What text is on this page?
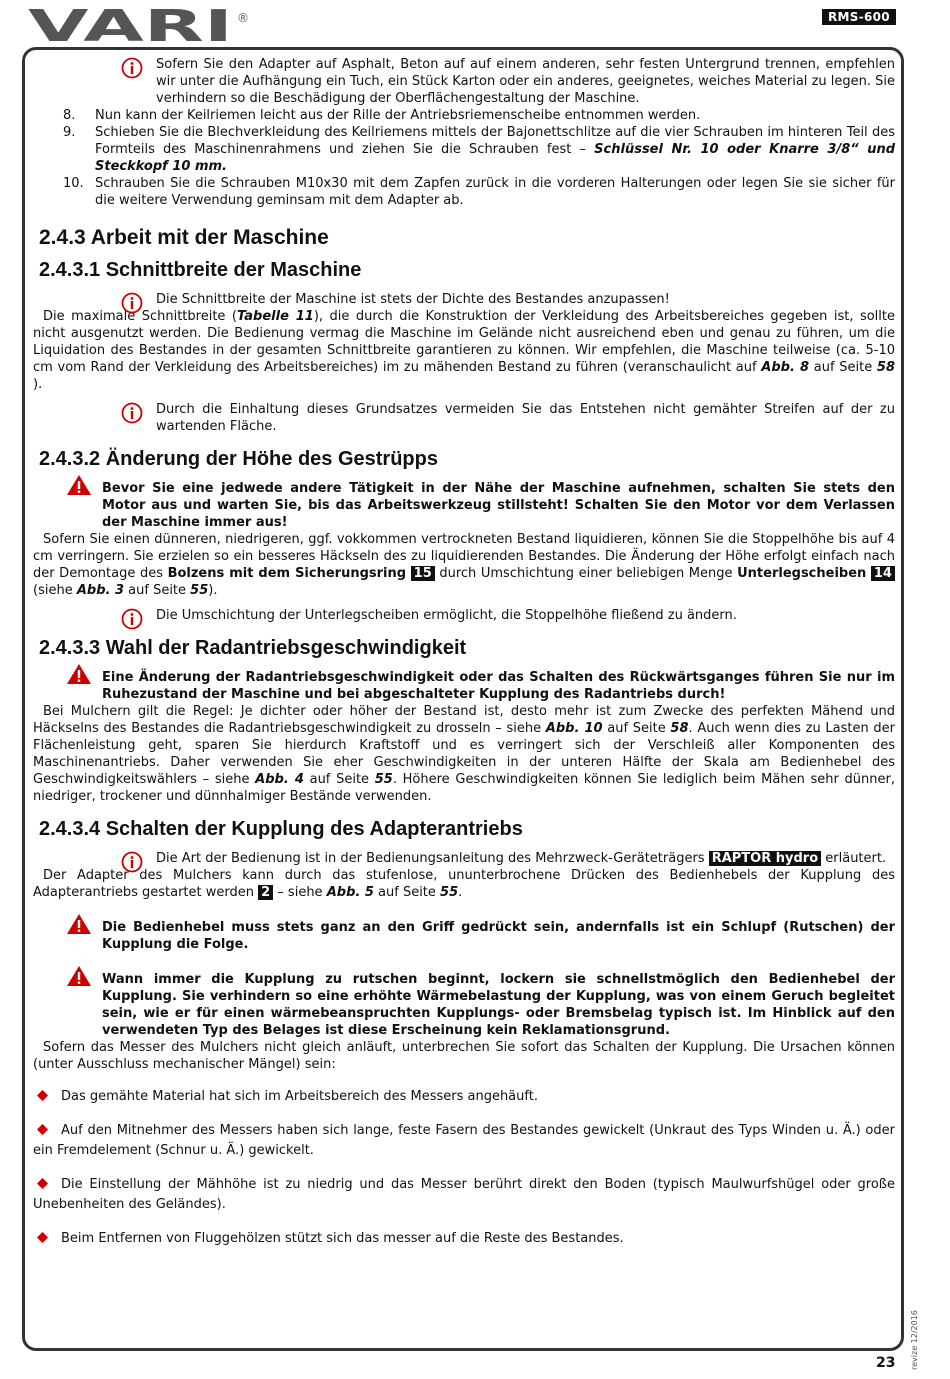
VARI ®	RMS-600

Sofern Sie den Adapter auf Asphalt, Beton auf auf einem anderen, sehr festen Untergrund trennen, empfehlen wir unter die Aufhängung ein Tuch, ein Stück Karton oder ein anderes, geeignetes, weiches Material zu legen. Sie verhindern so die Beschädigung der Oberflächengestaltung der Maschine.

8. Nun kann der Keilriemen leicht aus der Rille der Antriebsriemenscheibe entnommen werden.

9. Schieben Sie die Blechverkleidung des Keilriemens mittels der Bajonettschlitze auf die vier Schrauben im hinteren Teil des Formteils des Maschinenrahmens und ziehen Sie die Schrauben fest – Schlüssel Nr. 10 oder Knarre 3/8“ und Steckkopf 10 mm.

10. Schrauben Sie die Schrauben M10x30 mit dem Zapfen zurück in die vorderen Halterungen oder legen Sie sie sicher für die weitere Verwendung geminsam mit dem Adapter ab.

2.4.3 Arbeit mit der Maschine
2.4.3.1 Schnittbreite der Maschine

Die Schnittbreite der Maschine ist stets der Dichte des Bestandes anzupassen!

Die maximale Schnittbreite (Tabelle 11), die durch die Konstruktion der Verkleidung des Arbeitsbereiches gegeben ist, sollte nicht ausgenutzt werden. Die Bedienung vermag die Maschine im Gelände nicht ausreichend eben und genau zu führen, um die Liquidation des Bestandes in der gesamten Schnittbreite garantieren zu können. Wir empfehlen, die Maschine teilweise (ca. 5-10 cm vom Rand der Verkleidung des Arbeitsbereiches) im zu mähenden Bestand zu führen (veranschaulicht auf Abb. 8 auf Seite 58 ).

Durch die Einhaltung dieses Grundsatzes vermeiden Sie das Entstehen nicht gemähter Streifen auf der zu wartenden Fläche.

2.4.3.2 Änderung der Höhe des Gestrüpps

Bevor Sie eine jedwede andere Tätigkeit in der Nähe der Maschine aufnehmen, schalten Sie stets den Motor aus und warten Sie, bis das Arbeitswerkzeug stillsteht! Schalten Sie den Motor vor dem Verlassen der Maschine immer aus!

Sofern Sie einen dünneren, niedrigeren, ggf. vokkommen vertrockneten Bestand liquidieren, können Sie die Stoppelhöhe bis auf 4 cm verringern. Sie erzielen so ein besseres Häckseln des zu liquidierenden Bestandes. Die Änderung der Höhe erfolgt einfach nach der Demontage des Bolzens mit dem Sicherungsring 15 durch Umschichtung einer beliebigen Menge Unterlegscheiben 14 (siehe Abb. 3 auf Seite 55).

Die Umschichtung der Unterlegscheiben ermöglicht, die Stoppelhöhe fließend zu ändern.

2.4.3.3 Wahl der Radantriebsgeschwindigkeit

Eine Änderung der Radantriebsgeschwindigkeit oder das Schalten des Rückwärtsganges führen Sie nur im Ruhezustand der Maschine und bei abgeschalteter Kupplung des Radantriebs durch!

Bei Mulchern gilt die Regel: Je dichter oder höher der Bestand ist, desto mehr ist zum Zwecke des perfekten Mähend und Häckselns des Bestandes die Radantriebsgeschwindigkeit zu drosseln – siehe Abb. 10 auf Seite 58. Auch wenn dies zu Lasten der Flächenleistung geht, sparen Sie hierdurch Kraftstoff und es verringert sich der Verschleiß aller Komponenten des Maschinenantriebs. Daher verwenden Sie eher Geschwindigkeiten in der unteren Hälfte der Skala am Bedienhebel des Geschwindigkeitswählers – siehe Abb. 4 auf Seite 55. Höhere Geschwindigkeiten können Sie lediglich beim Mähen sehr dünner, niedriger, trockener und dünnhalmiger Bestände verwenden.

2.4.3.4 Schalten der Kupplung des Adapterantriebs

Die Art der Bedienung ist in der Bedienungsanleitung des Mehrzweck-Geräteträgers RAPTOR hydro erläutert.

Der Adapter des Mulchers kann durch das stufenlose, ununterbrochene Drücken des Bedienhebels der Kupplung des Adapterantriebs gestartet werden 2 – siehe Abb. 5 auf Seite 55.

Die Bedienhebel muss stets ganz an den Griff gedrückt sein, andernfalls ist ein Schlupf (Rutschen) der Kupplung die Folge.

Wann immer die Kupplung zu rutschen beginnt, lockern sie schnellstmöglich den Bedienhebel der Kupplung. Sie verhindern so eine erhöhte Wärmebelastung der Kupplung, was von einem Geruch begleitet sein, wie er für einen wärmebeanspruchten Kupplungs- oder Bremsbelag typisch ist. Im Hinblick auf den verwendeten Typ des Belages ist diese Erscheinung kein Reklamationsgrund.

Sofern das Messer des Mulchers nicht gleich anläuft, unterbrechen Sie sofort das Schalten der Kupplung. Die Ursachen können (unter Ausschluss mechanischer Mängel) sein:

Das gemähte Material hat sich im Arbeitsbereich des Messers angehäuft.

Auf den Mitnehmer des Messers haben sich lange, feste Fasern des Bestandes gewickelt (Unkraut des Typs Winden u. Ä.) oder ein Fremdelement (Schnur u. Ä.) gewickelt.

Die Einstellung der Mähhöhe ist zu niedrig und das Messer berührt direkt den Boden (typisch Maulwurfshügel oder große Unebenheiten des Geländes).

Beim Entfernen von Fluggehölzen stützt sich das messer auf die Reste des Bestandes.

revize 12/2016
23
